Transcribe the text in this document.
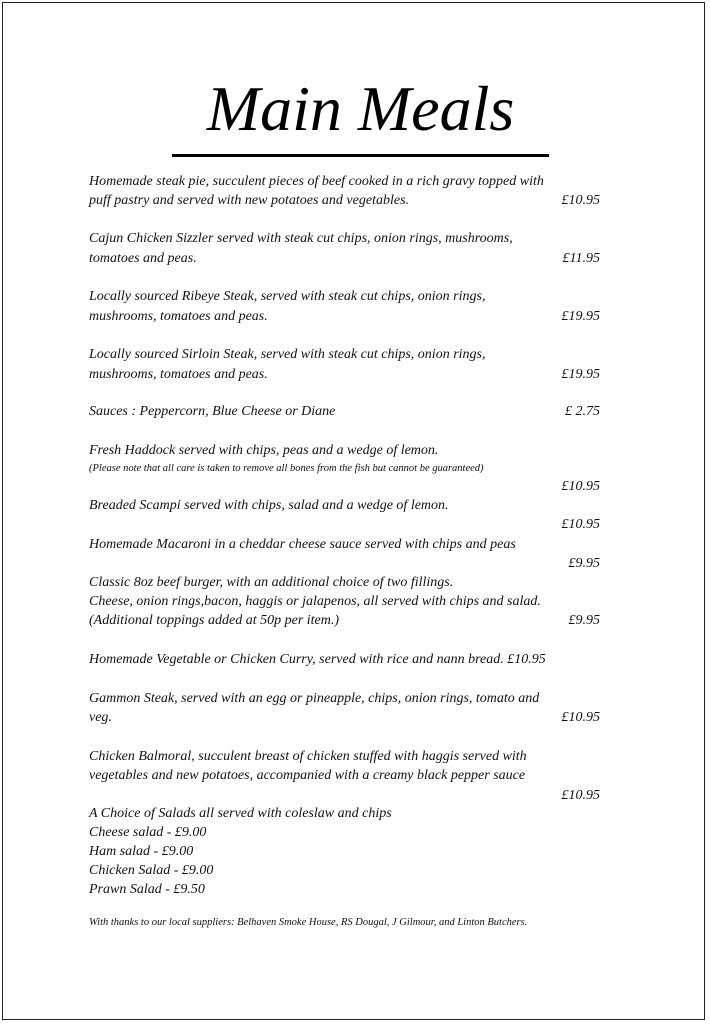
Main Meals
Homemade steak pie, succulent pieces of beef cooked in a rich gravy topped with
puff pastry and served with new potatoes and vegetables.	£10.95
Cajun Chicken Sizzler served with steak cut chips, onion rings, mushrooms,
tomatoes and peas.	£11.95
Locally sourced Ribeye Steak, served with steak cut chips, onion rings,
mushrooms, tomatoes and peas.	£19.95
Locally sourced Sirloin Steak, served with steak cut chips, onion rings,
mushrooms, tomatoes and peas.	£19.95
Sauces : Peppercorn, Blue Cheese or Diane	£ 2.75
Fresh Haddock served with chips, peas and a wedge of lemon.
(Please note that all care is taken to remove all bones from the fish but cannot be guaranteed)
£10.95
Breaded Scampi served with chips, salad and a wedge of lemon.
£10.95
Homemade Macaroni in a cheddar cheese sauce served with chips and peas
£9.95
Classic 8oz beef burger, with an additional choice of two fillings.
Cheese, onion rings,bacon, haggis or jalapenos, all served with chips and salad.
(Additional toppings added at 50p per item.)	£9.95
Homemade Vegetable or Chicken Curry, served with rice and nann bread. £10.95
Gammon Steak, served with an egg or pineapple, chips, onion rings, tomato and
veg.	£10.95
Chicken Balmoral, succulent breast of chicken stuffed with haggis served with
vegetables and new potatoes, accompanied with a creamy black pepper sauce
£10.95
A Choice of Salads all served with coleslaw and chips
Cheese salad - £9.00
Ham salad - £9.00
Chicken Salad - £9.00
Prawn Salad - £9.50
With thanks to our local suppliers: Belhaven Smoke House, RS Dougal, J Gilmour, and Linton Butchers.
